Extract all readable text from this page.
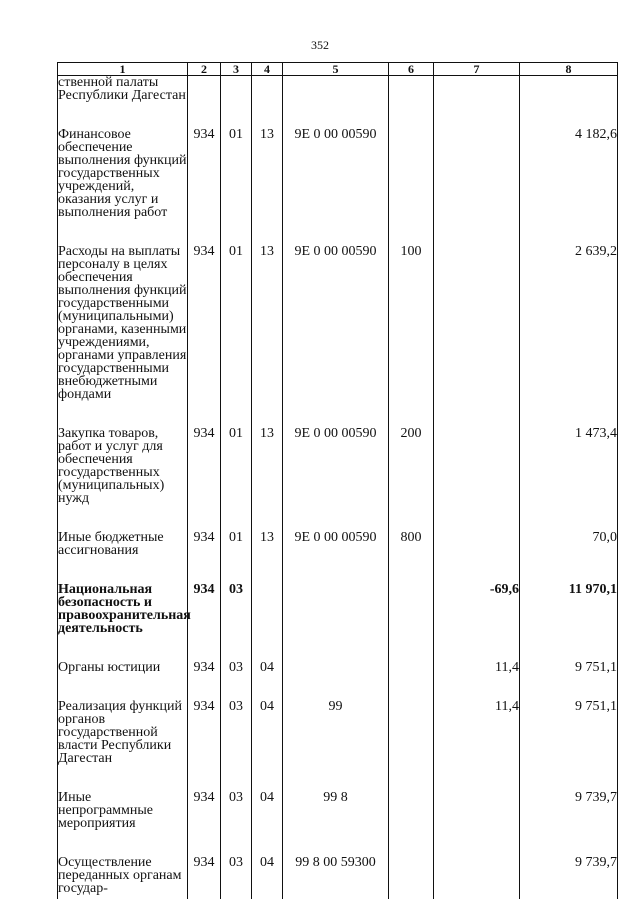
352
1	2	3	4	5	6	7	8
ственной палаты Республики Дагестан							
Финансовое обеспечение выполнения функций государственных учреждений, оказания услуг и выполнения работ	934	01	13	9Е 0 00 00590			4 182,6
Расходы на выплаты персоналу в целях обеспечения выполнения функций государственными (муниципальными) органами, казенными учреждениями, органами управления государственными внебюджетными фондами	934	01	13	9Е 0 00 00590	100		2 639,2
Закупка товаров, работ и услуг для обеспечения государственных (муниципальных) нужд	934	01	13	9Е 0 00 00590	200		1 473,4
Иные бюджетные ассигнования	934	01	13	9Е 0 00 00590	800		70,0
Национальная безопасность и правоохранительная деятельность	934	03				-69,6	11 970,1
Органы юстиции	934	03	04			11,4	9 751,1
Реализация функций органов государственной власти Республики Дагестан	934	03	04	99		11,4	9 751,1
Иные непрограммные мероприятия	934	03	04	99 8			9 739,7
Осуществление переданных органам государ-	934	03	04	99 8 00 59300			9 739,7
